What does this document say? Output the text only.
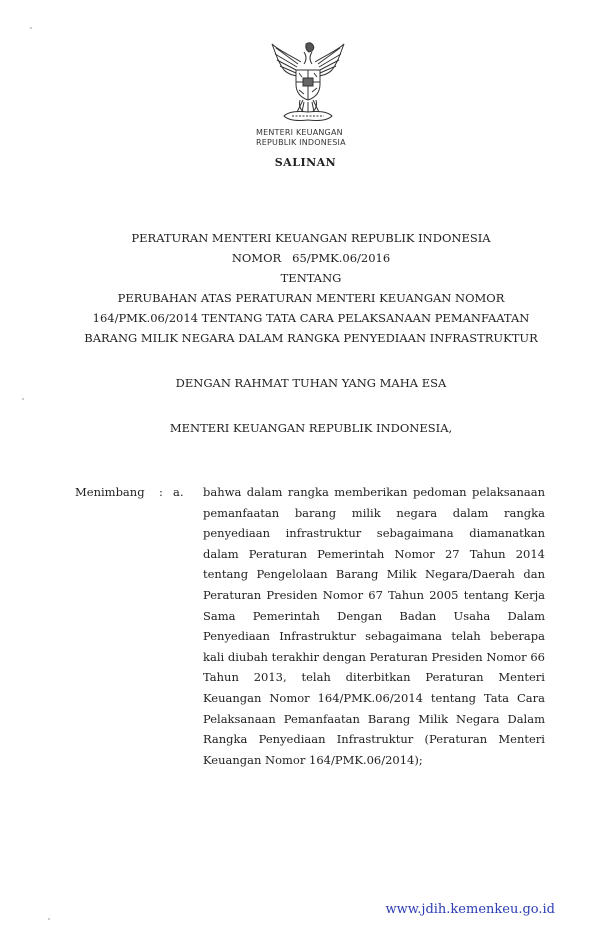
MENTERI KEUANGAN
REPUBLIK INDONESIA
SALINAN
PERATURAN MENTERI KEUANGAN REPUBLIK INDONESIA
NOMOR   65/PMK.06/2016
TENTANG
PERUBAHAN ATAS PERATURAN MENTERI KEUANGAN NOMOR
164/PMK.06/2014 TENTANG TATA CARA PELAKSANAAN PEMANFAATAN
BARANG MILIK NEGARA DALAM RANGKA PENYEDIAAN INFRASTRUKTUR
DENGAN RAHMAT TUHAN YANG MAHA ESA
MENTERI KEUANGAN REPUBLIK INDONESIA,
Menimbang : a. bahwa dalam rangka memberikan pedoman pelaksanaan pemanfaatan barang milik negara dalam rangka penyediaan infrastruktur sebagaimana diamanatkan dalam Peraturan Pemerintah Nomor 27 Tahun 2014 tentang Pengelolaan Barang Milik Negara/Daerah dan Peraturan Presiden Nomor 67 Tahun 2005 tentang Kerja Sama Pemerintah Dengan Badan Usaha Dalam Penyediaan Infrastruktur sebagaimana telah beberapa kali diubah terakhir dengan Peraturan Presiden Nomor 66 Tahun 2013, telah diterbitkan Peraturan Menteri Keuangan Nomor 164/PMK.06/2014 tentang Tata Cara Pelaksanaan Pemanfaatan Barang Milik Negara Dalam Rangka Penyediaan Infrastruktur (Peraturan Menteri Keuangan Nomor 164/PMK.06/2014);
www.jdih.kemenkeu.go.id
